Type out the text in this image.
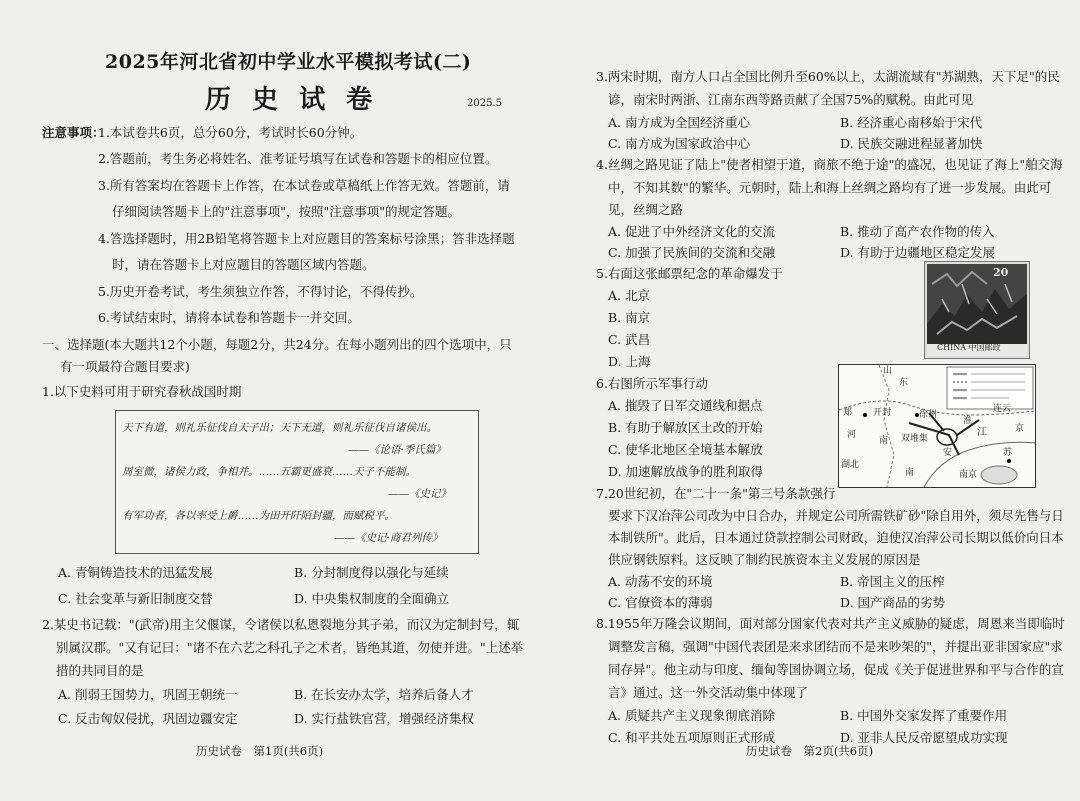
2025年河北省初中学业水平模拟考试(二)
历 史 试 卷	2025.5
注意事项：
1.本试卷共6页，总分60分，考试时长60分钟。
2.答题前，考生务必将姓名、准考证号填写在试卷和答题卡的相应位置。
3.所有答案均在答题卡上作答，在本试卷或草稿纸上作答无效。答题前，请
仔细阅读答题卡上的"注意事项"，按照"注意事项"的规定答题。
4.答选择题时，用2B铅笔将答题卡上对应题目的答案标号涂黑；答非选择题
时，请在答题卡上对应题目的答题区域内答题。
5.历史开卷考试，考生须独立作答，不得讨论，不得传抄。
6.考试结束时，请将本试卷和答题卡一并交回。
一、选择题(本大题共12个小题，每题2分，共24分。在每小题列出的四个选项中，只
有一项最符合题目要求)
1.以下史料可用于研究春秋战国时期
天下有道，则礼乐征伐自天子出；天下无道，则礼乐征伐自诸侯出。
——《论语·季氏篇》
周室微，诸侯力政，争相并。……五霸更盛衰……天子不能制。
——《史记》
有军功者，各以率受上爵……为田开阡陌封疆，而赋税平。
——《史记·商君列传》
A. 青铜铸造技术的迅猛发展	B. 分封制度得以强化与延续
C. 社会变革与新旧制度交替	D. 中央集权制度的全面确立
2.某史书记载："(武帝)用主父偃谋，令诸侯以私恩裂地分其子弟，而汉为定制封号，辄
别属汉郡。"又有记曰："诸不在六艺之科孔子之术者，皆绝其道，勿使并进。"上述举
措的共同目的是
A. 削弱王国势力，巩固王朝统一	B. 在长安办太学，培养后备人才
C. 反击匈奴侵扰，巩固边疆安定	D. 实行盐铁官营，增强经济集权
历史试卷　第1页(共6页)
3.两宋时期，南方人口占全国比例升至60%以上，太湖流域有"苏湖熟，天下足"的民
谚，南宋时两浙、江南东西等路贡献了全国75%的赋税。由此可见
A. 南方成为全国经济重心	B. 经济重心南移始于宋代
C. 南方成为国家政治中心	D. 民族交融进程显著加快
4.丝绸之路见证了陆上"使者相望于道，商旅不绝于途"的盛况，也见证了海上"舶交海
中，不知其数"的繁华。元朝时，陆上和海上丝绸之路均有了进一步发展。由此可
见，丝绸之路
A. 促进了中外经济文化的交流	B. 推动了高产农作物的传入
C. 加强了民族间的交流和交融	D. 有助于边疆地区稳定发展
5.右面这张邮票纪念的革命爆发于
A. 北京
B. 南京
C. 武昌
D. 上海
6.右图所示军事行动
A. 摧毁了日军交通线和据点
B. 有助于解放区土改的开始
C. 使华北地区全境基本解放
D. 加速解放战争的胜利取得
7.20世纪初，在"二十一条"第三号条款强行
要求下汉冶萍公司改为中日合办，并规定公司所需铁矿砂"除自用外，须尽先售与日
本制铁所"。此后，日本通过贷款控制公司财政，迫使汉冶萍公司长期以低价向日本
供应钢铁原料。这反映了制约民族资本主义发展的原因是
A. 动荡不安的环境	B. 帝国主义的压榨
C. 官僚资本的薄弱	D. 国产商品的劣势
8.1955年万隆会议期间，面对部分国家代表对共产主义威胁的疑虑，周恩来当即临时
调整发言稿，强调"中国代表团是来求团结而不是来吵架的"，并提出亚非国家应"求
同存异"。他主动与印度、缅甸等国协调立场，促成《关于促进世界和平与合作的宣
言》通过。这一外交活动集中体现了
A. 质疑共产主义现象彻底消除	B. 中国外交家发挥了重要作用
C. 和平共处五项原则正式形成	D. 亚非人民反帝愿望成功实现
历史试卷　第2页(共6页)
20
CHINA 中国邮政
山
东
郑 开封	徐州
河
南 双堆集
安
江
南
京
湖北
南京
苏
连云
淮
